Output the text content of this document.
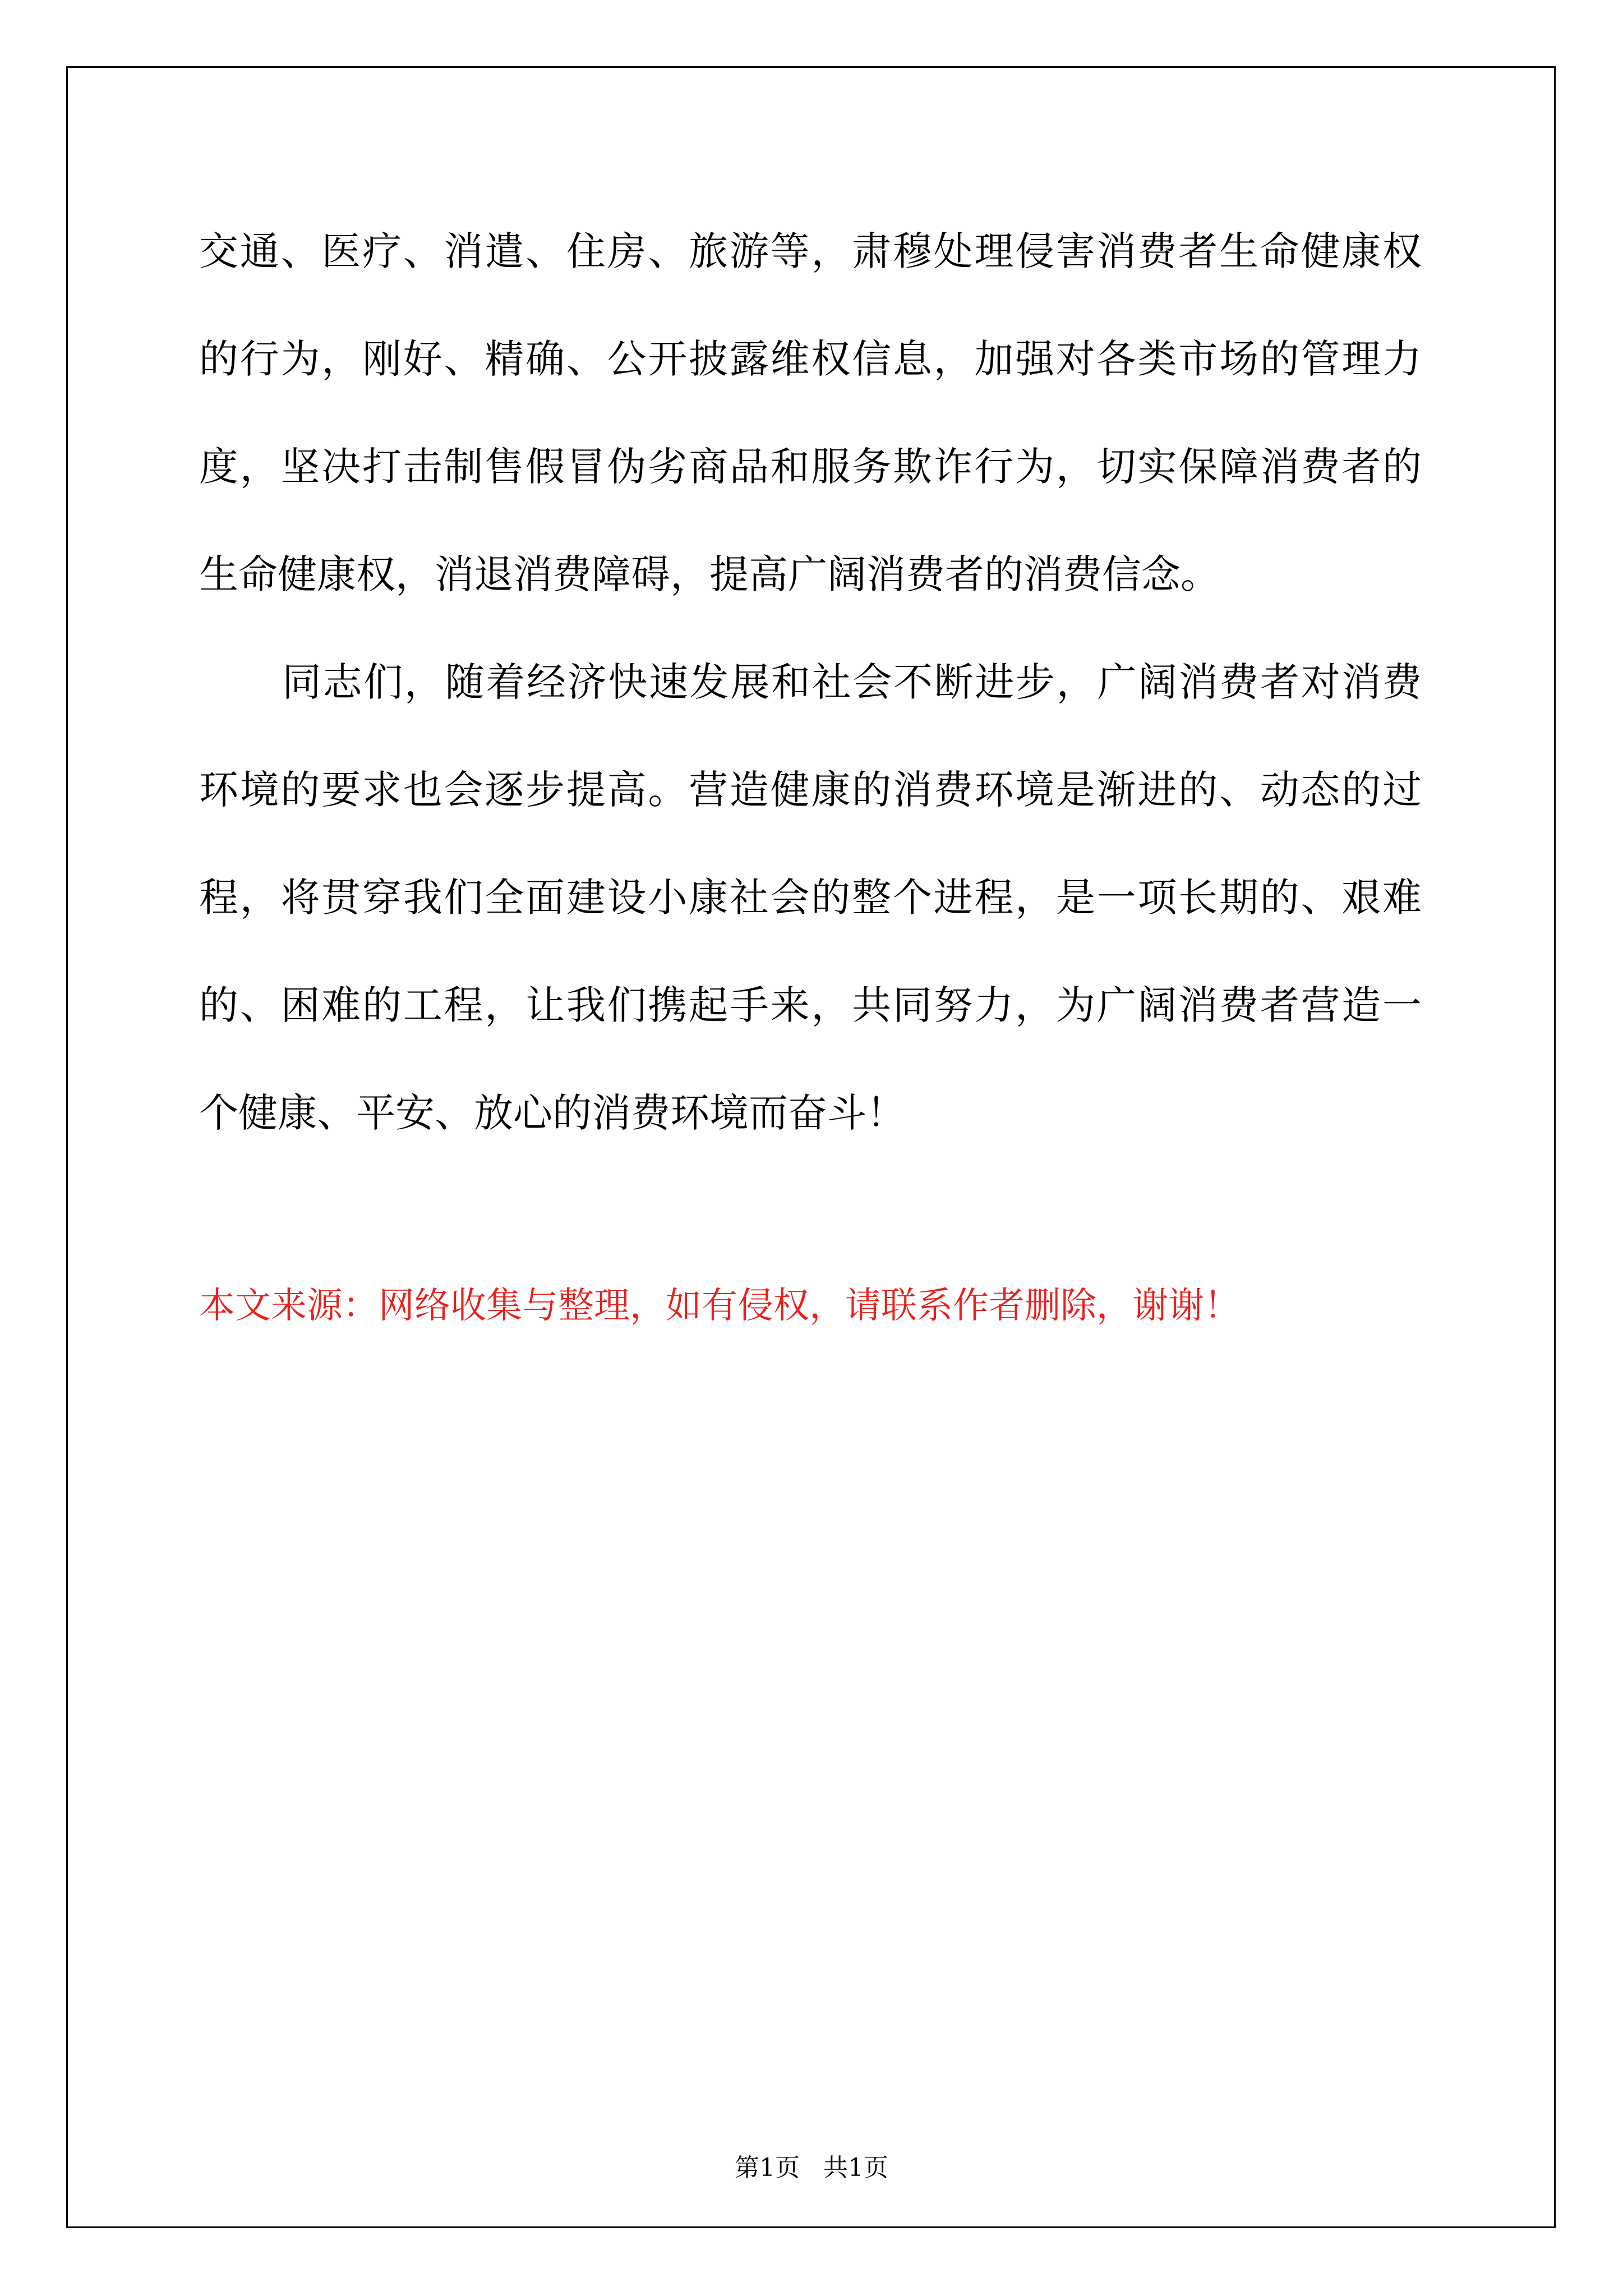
交通、医疗、消遣、住房、旅游等，肃穆处理侵害消费者生命健康权
的行为，刚好、精确、公开披露维权信息，加强对各类市场的管理力
度，坚决打击制售假冒伪劣商品和服务欺诈行为，切实保障消费者的
生命健康权，消退消费障碍，提高广阔消费者的消费信念。
同志们，随着经济快速发展和社会不断进步，广阔消费者对消费
环境的要求也会逐步提高。营造健康的消费环境是渐进的、动态的过
程，将贯穿我们全面建设小康社会的整个进程，是一项长期的、艰难
的、困难的工程，让我们携起手来，共同努力，为广阔消费者营造一
个健康、平安、放心的消费环境而奋斗！
本文来源：网络收集与整理，如有侵权，请联系作者删除，谢谢！
第1页   共1页
